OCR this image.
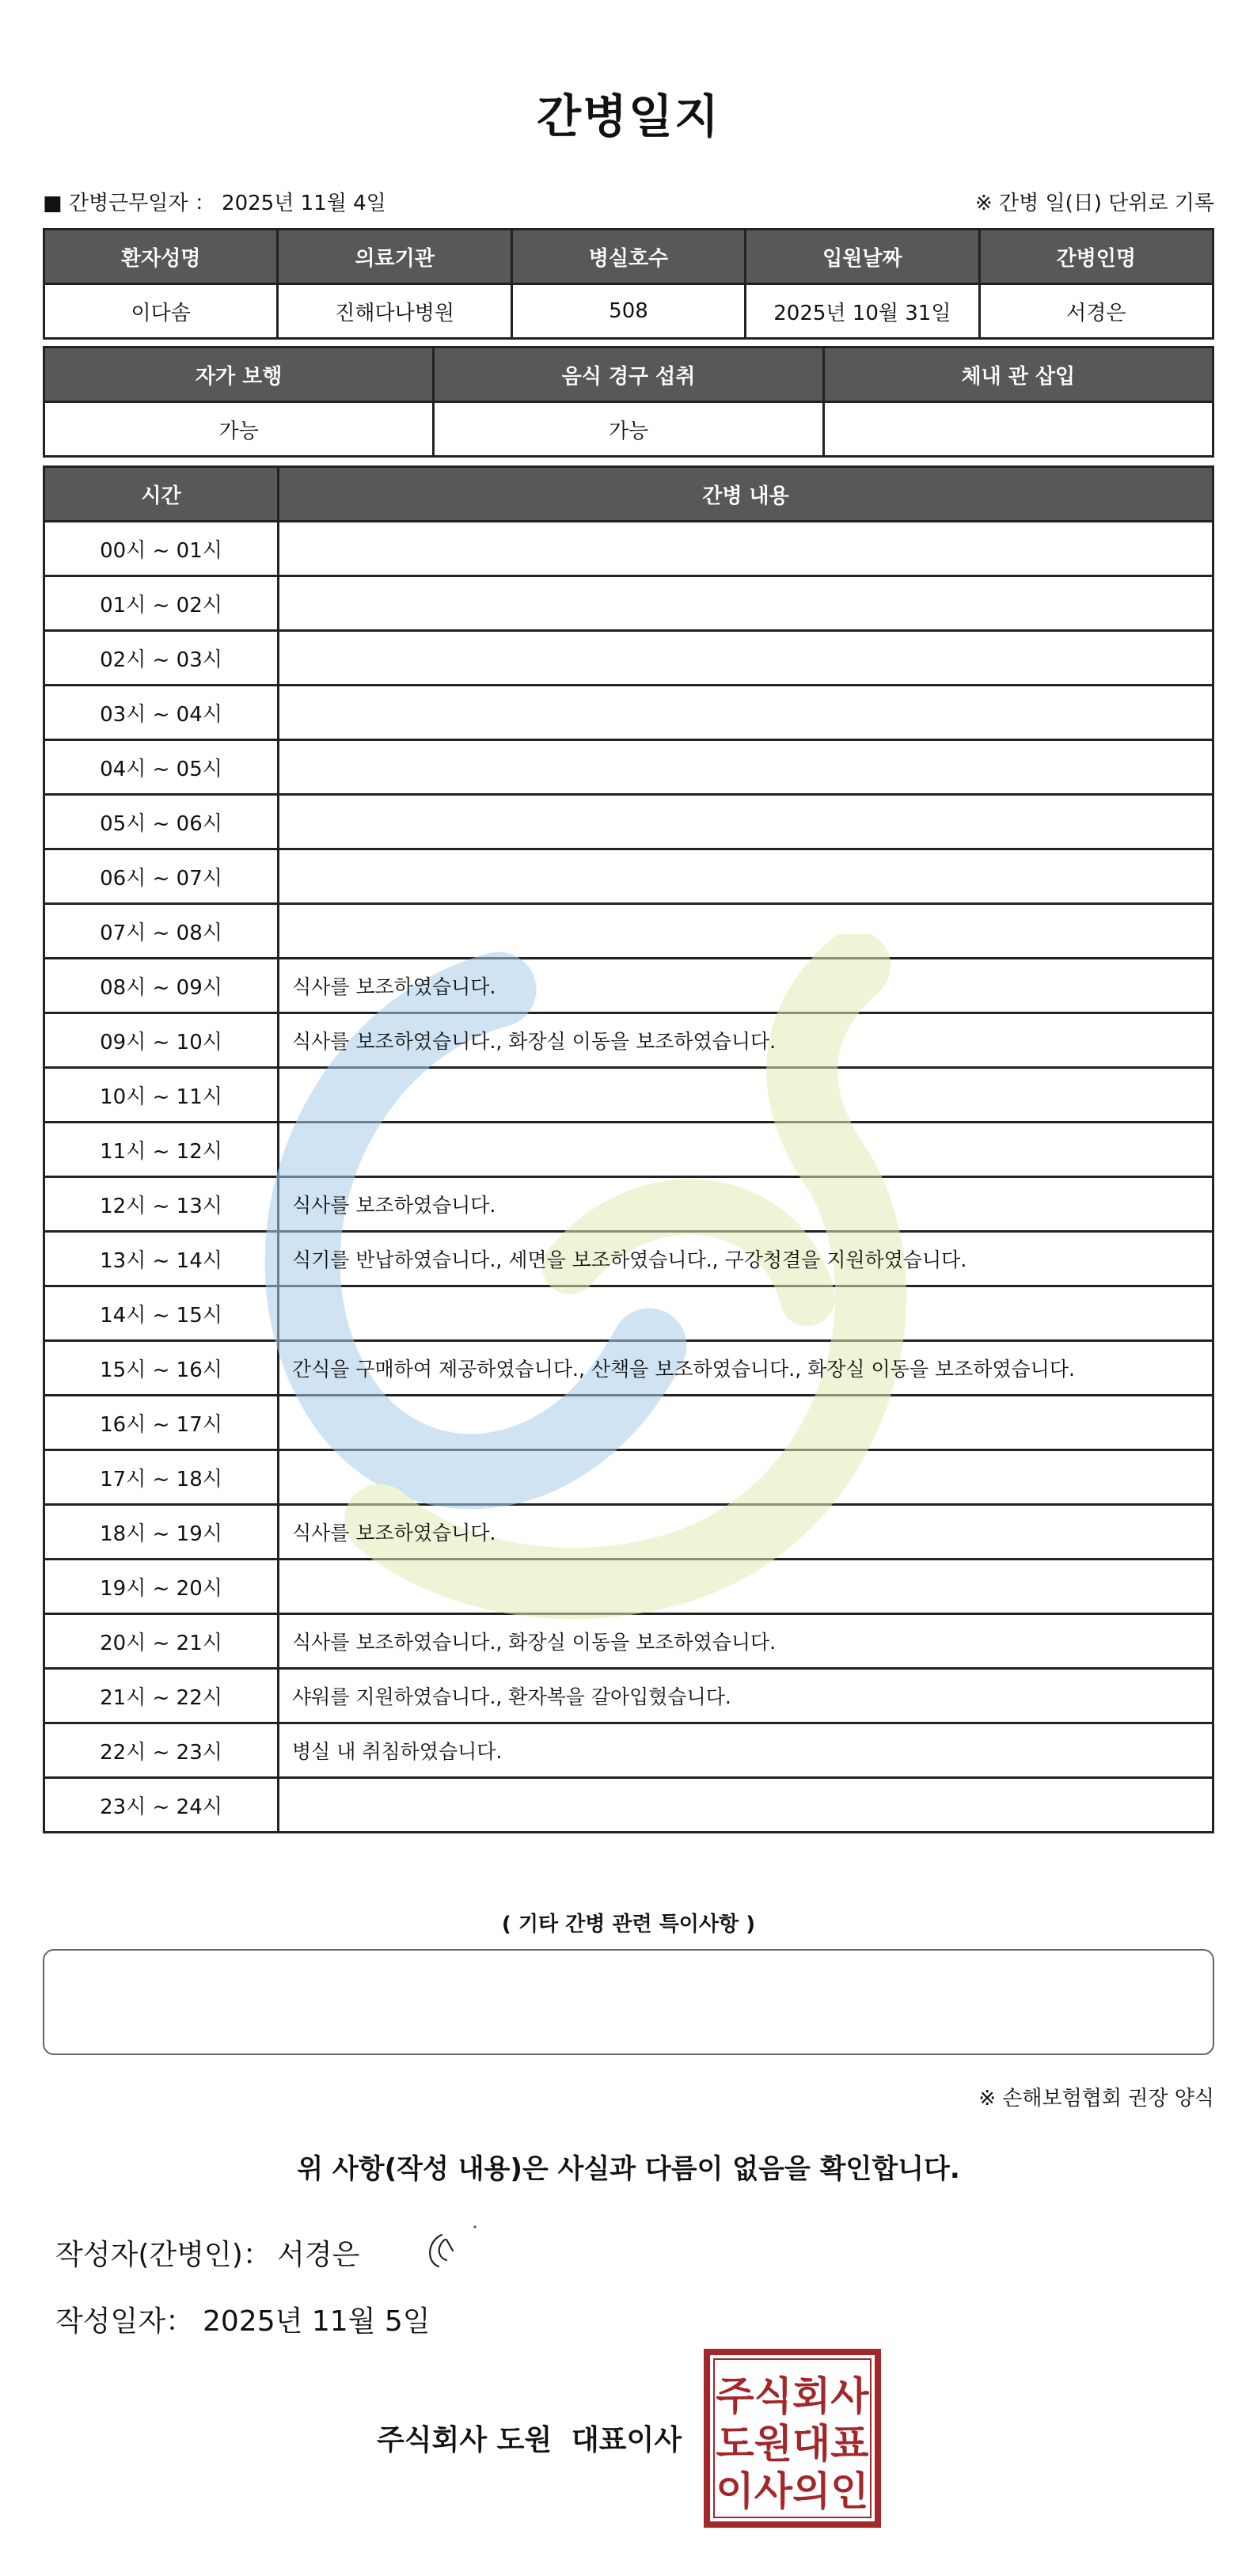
간병일지
■ 간병근무일자 ： 2025년 11월 4일	※ 간병 일(日) 단위로 기록
환자성명	의료기관	병실호수	입원날짜	간병인명
이다솜	진해다나병원	508	2025년 10월 31일	서경은
자가 보행	음식 경구 섭취	체내 관 삽입
가능	가능	
시간	간병 내용
00시 ~ 01시	
01시 ~ 02시	
02시 ~ 03시	
03시 ~ 04시	
04시 ~ 05시	
05시 ~ 06시	
06시 ~ 07시	
07시 ~ 08시	
08시 ~ 09시	식사를 보조하였습니다.
09시 ~ 10시	식사를 보조하였습니다., 화장실 이동을 보조하였습니다.
10시 ~ 11시	
11시 ~ 12시	
12시 ~ 13시	식사를 보조하였습니다.
13시 ~ 14시	식기를 반납하였습니다., 세면을 보조하였습니다., 구강청결을 지원하였습니다.
14시 ~ 15시	
15시 ~ 16시	간식을 구매하여 제공하였습니다., 산책을 보조하였습니다., 화장실 이동을 보조하였습니다.
16시 ~ 17시	
17시 ~ 18시	
18시 ~ 19시	식사를 보조하였습니다.
19시 ~ 20시	
20시 ~ 21시	식사를 보조하였습니다., 화장실 이동을 보조하였습니다.
21시 ~ 22시	샤워를 지원하였습니다., 환자복을 갈아입혔습니다.
22시 ~ 23시	병실 내 취침하였습니다.
23시 ~ 24시	
( 기타 간병 관련 특이사항 )
※ 손해보험협회 권장 양식
위 사항(작성 내용)은 사실과 다름이 없음을 확인합니다.
작성자(간병인)： 서경은
작성일자： 2025년 11월 5일
주식회사 도원 대표이사
주식회사
도원대표
이사의인
